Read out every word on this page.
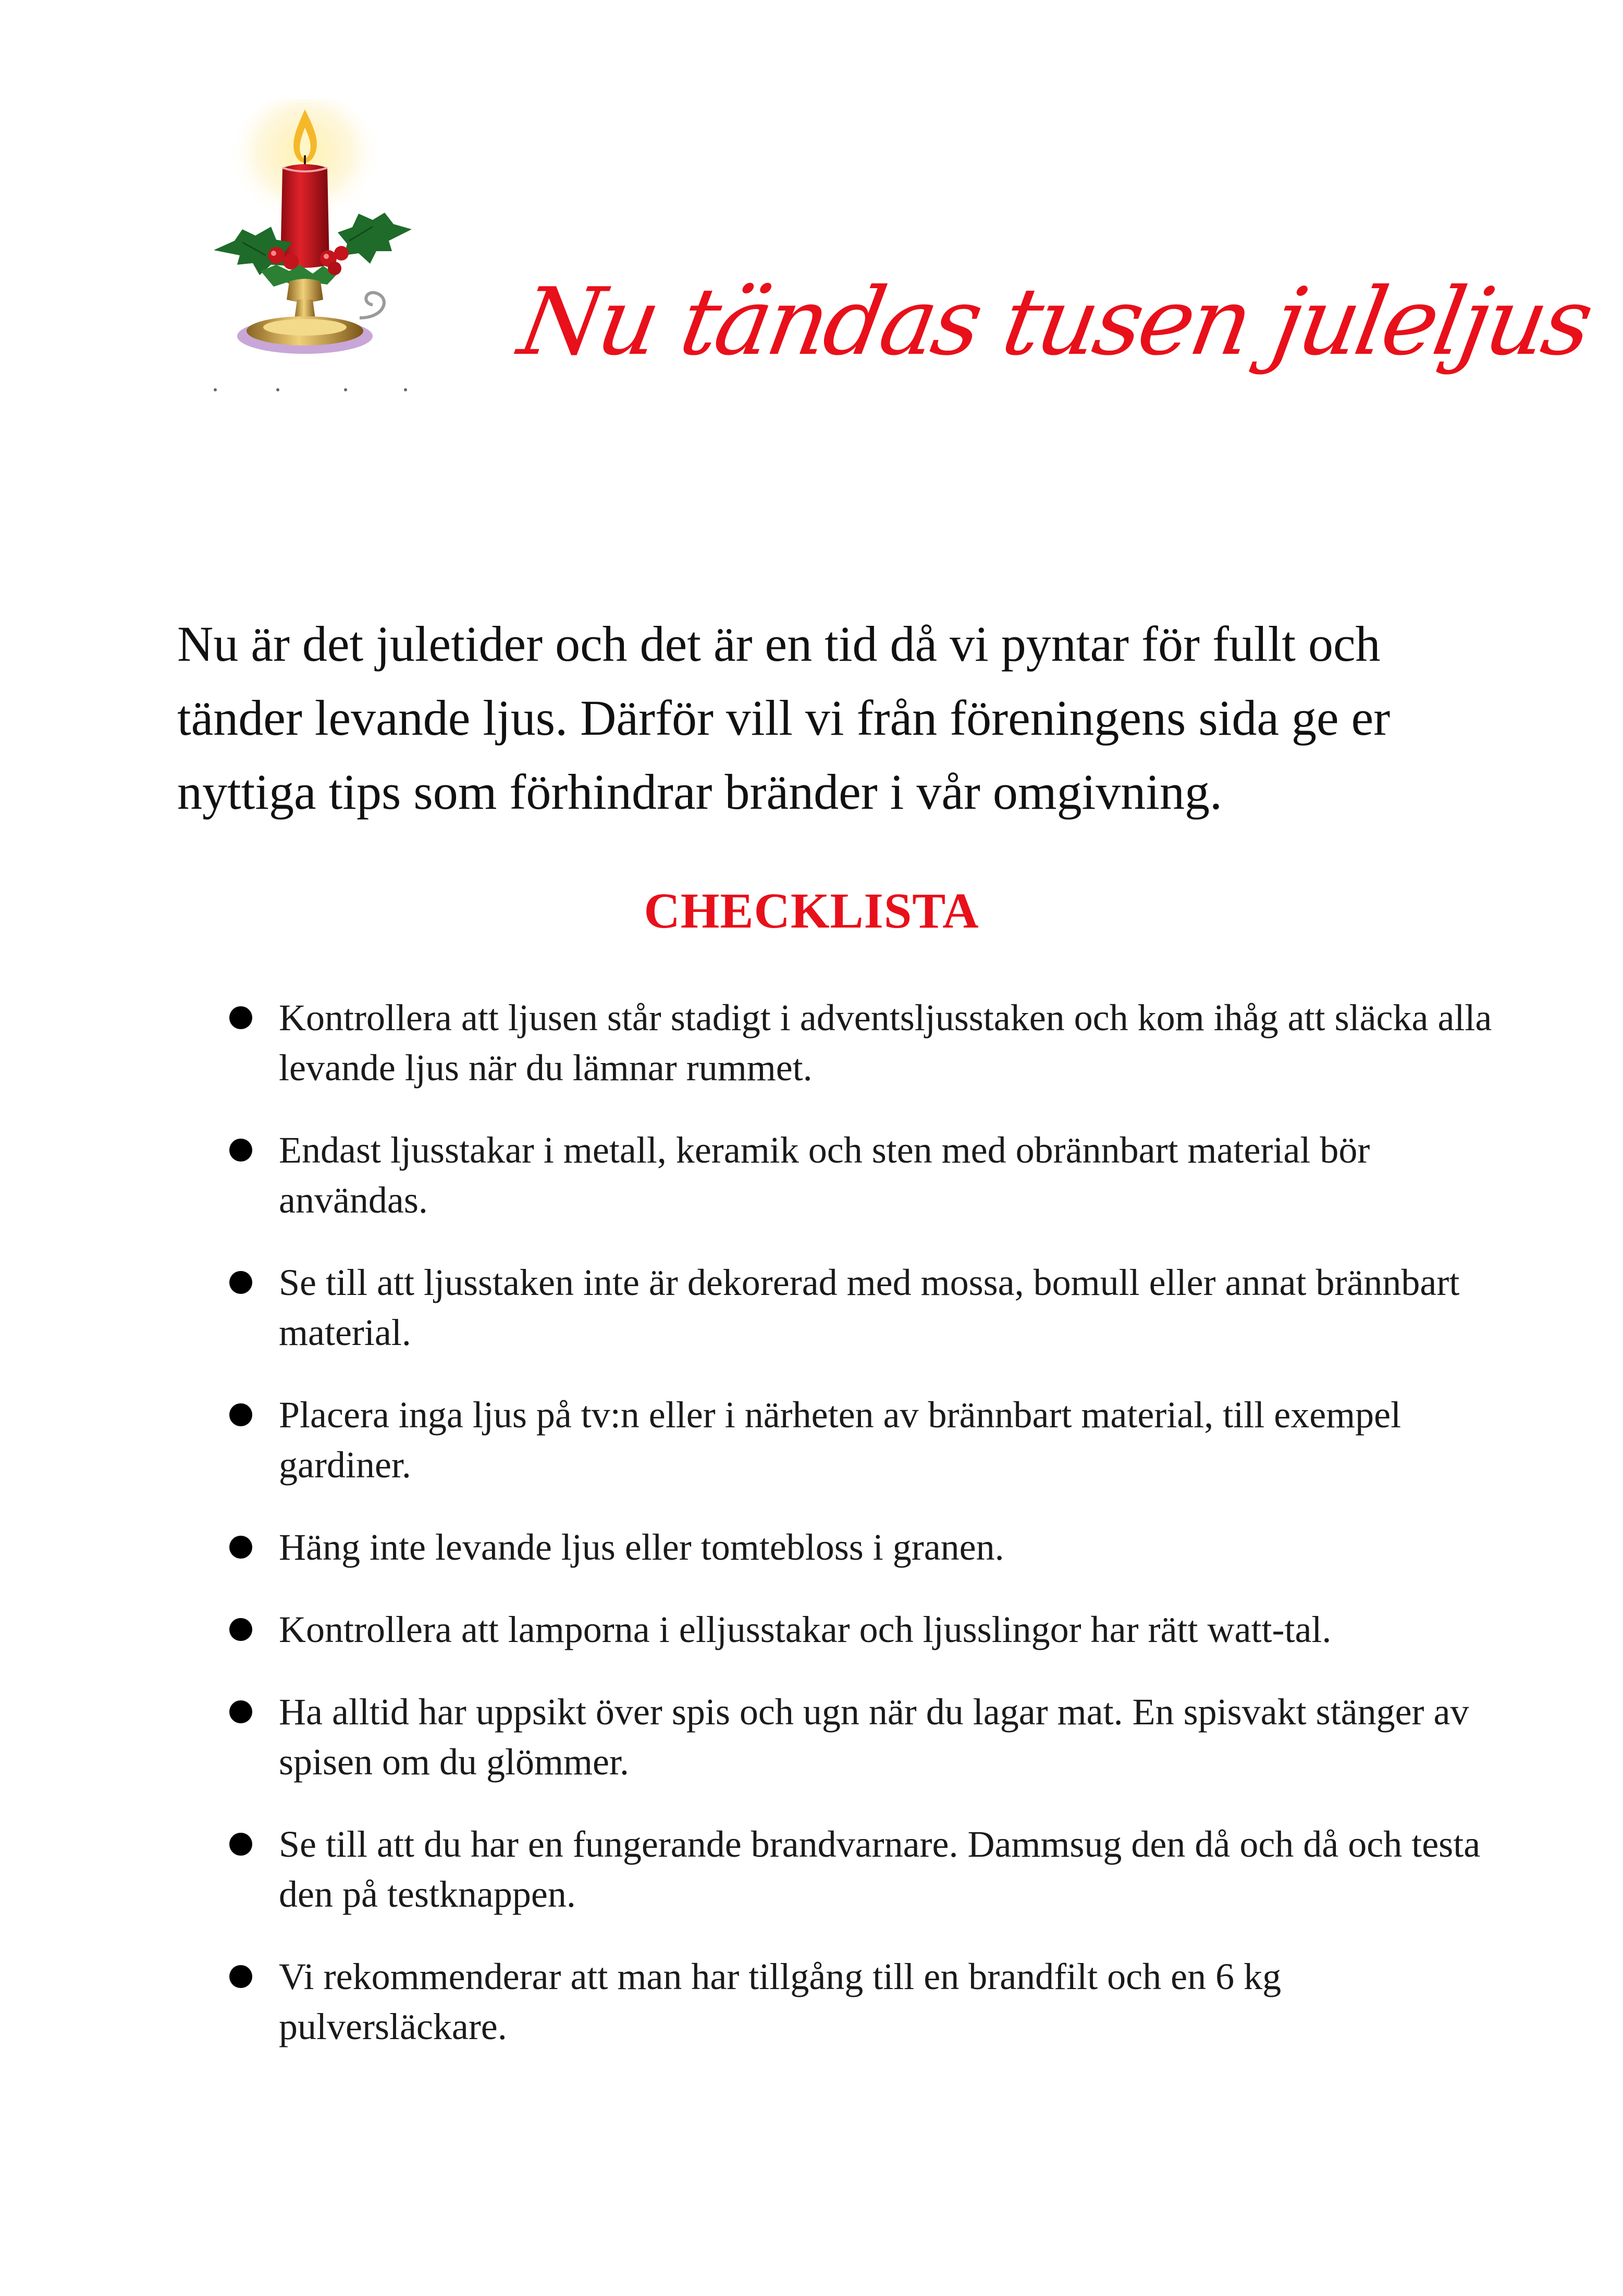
Nu tändas tusen juleljus

Nu är det juletider och det är en tid då vi pyntar för fullt och tänder levande ljus. Därför vill vi från föreningens sida ge er nyttiga tips som förhindrar bränder i vår omgivning.

CHECKLISTA
Kontrollera att ljusen står stadigt i adventsljusstaken och kom ihåg att släcka alla levande ljus när du lämnar rummet.
Endast ljusstakar i metall, keramik och sten med obrännbart material bör användas.
Se till att ljusstaken inte är dekorerad med mossa, bomull eller annat brännbart material.
Placera inga ljus på tv:n eller i närheten av brännbart material, till exempel gardiner.
Häng inte levande ljus eller tomtebloss i granen.
Kontrollera att lamporna i elljusstakar och ljusslingor har rätt watt-tal.
Ha alltid har uppsikt över spis och ugn när du lagar mat. En spisvakt stänger av spisen om du glömmer.
Se till att du har en fungerande brandvarnare. Dammsug den då och då och testa den på testknappen.
Vi rekommenderar att man har tillgång till en brandfilt och en 6 kg pulversläckare.
